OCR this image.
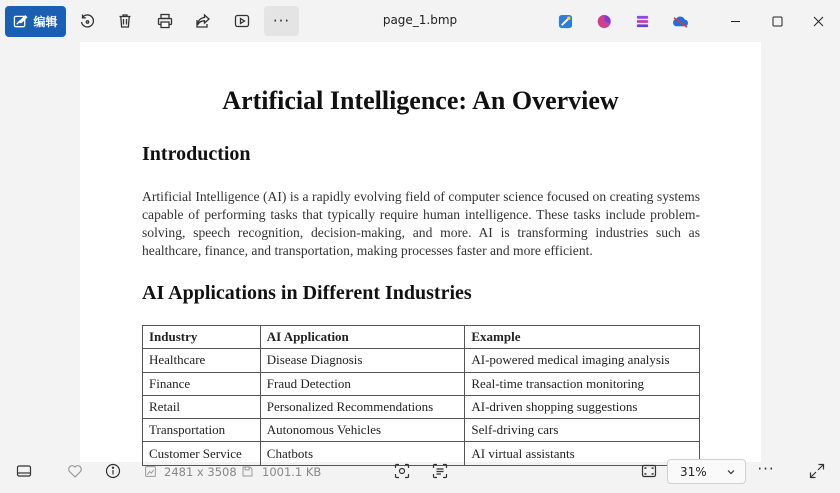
编辑	···	page_1.bmp
Artificial Intelligence: An Overview
Introduction
Artificial Intelligence (AI) is a rapidly evolving field of computer science focused on creating systems capable of performing tasks that typically require human intelligence. These tasks include problem-solving, speech recognition, decision-making, and more. AI is transforming industries such as healthcare, finance, and transportation, making processes faster and more efficient.
AI Applications in Different Industries
Industry	AI Application	Example
Healthcare	Disease Diagnosis	AI-powered medical imaging analysis
Finance	Fraud Detection	Real-time transaction monitoring
Retail	Personalized Recommendations	AI-driven shopping suggestions
Transportation	Autonomous Vehicles	Self-driving cars
Customer Service	Chatbots	AI virtual assistants
2481 x 3508 1001.1 KB	31%	···
